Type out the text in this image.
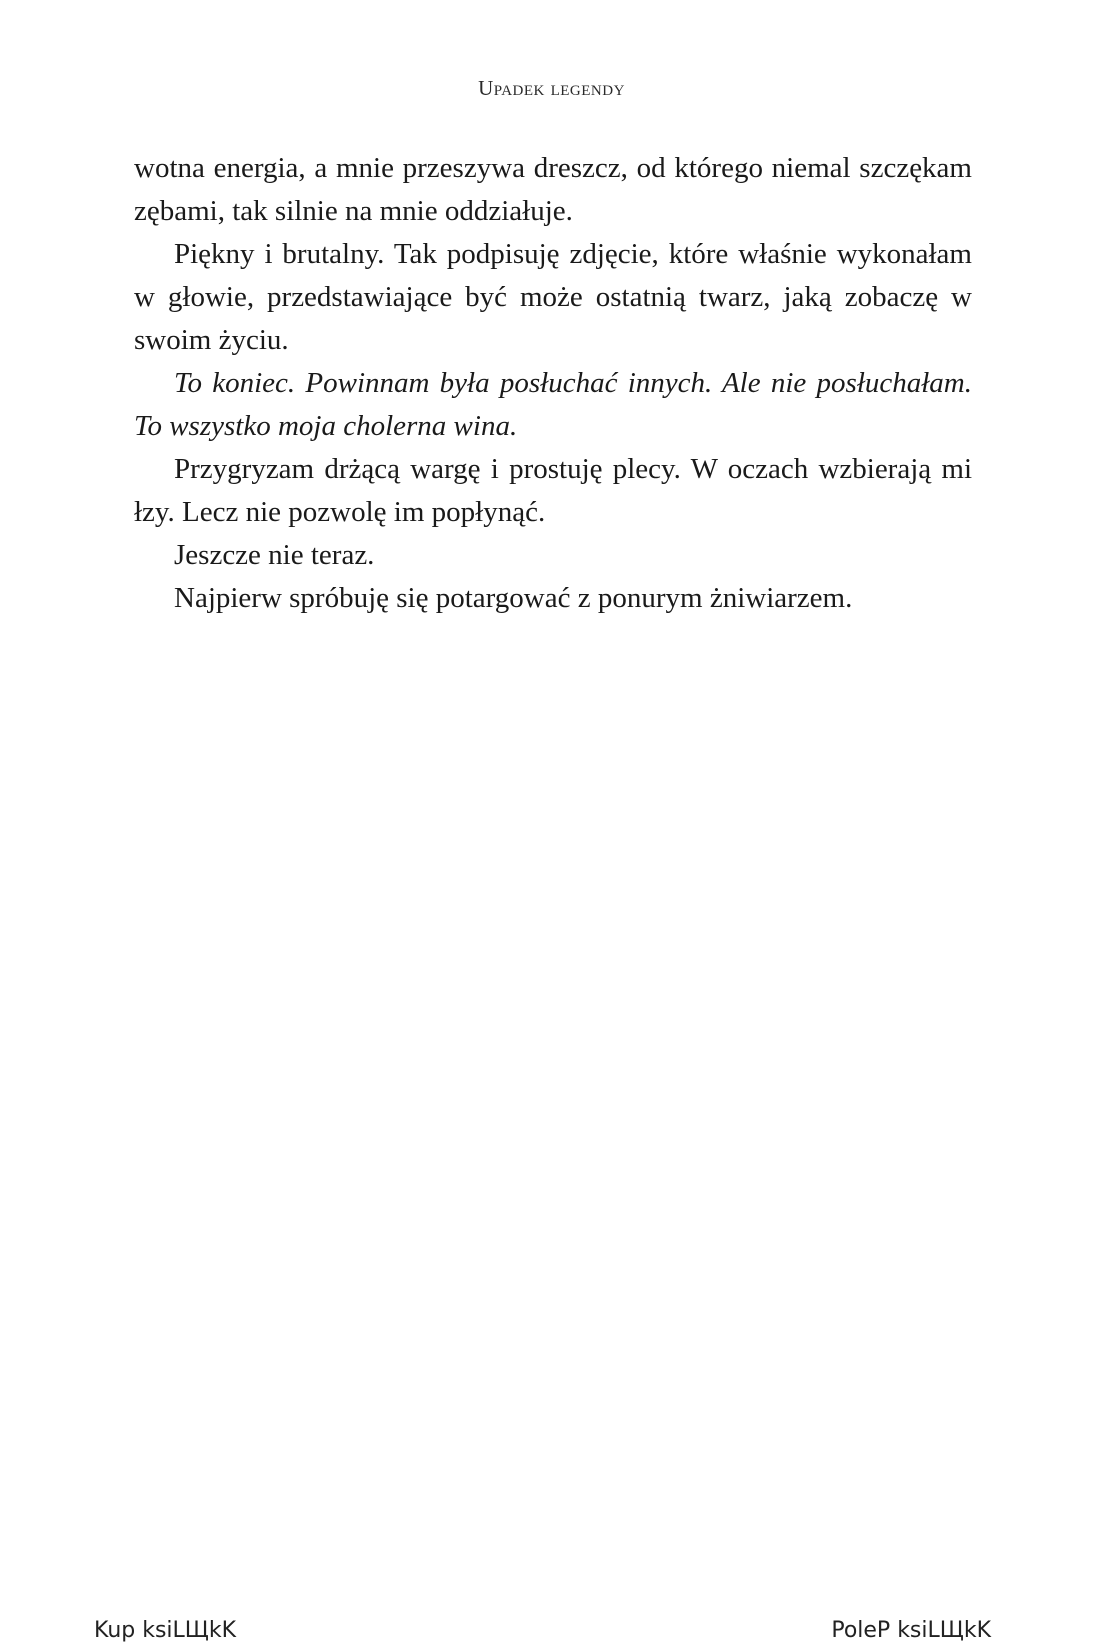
Upadek legendy

wotna energia, a mnie przeszywa dreszcz, od którego niemal szczękam zębami, tak silnie na mnie oddziałuje.

Piękny i brutalny. Tak podpisuję zdjęcie, które właśnie wykonałam w głowie, przedstawiające być może ostatnią twarz, jaką zobaczę w swoim życiu.

To koniec. Powinnam była posłuchać innych. Ale nie posłuchałam. To wszystko moja cholerna wina.

Przygryzam drżącą wargę i prostuję plecy. W oczach wzbierają mi łzy. Lecz nie pozwolę im popłynąć.

Jeszcze nie teraz.

Najpierw spróbuję się potargować z ponurym żniwiarzem.

Kup ksiLЩkK	PoleP ksiLЩkK
